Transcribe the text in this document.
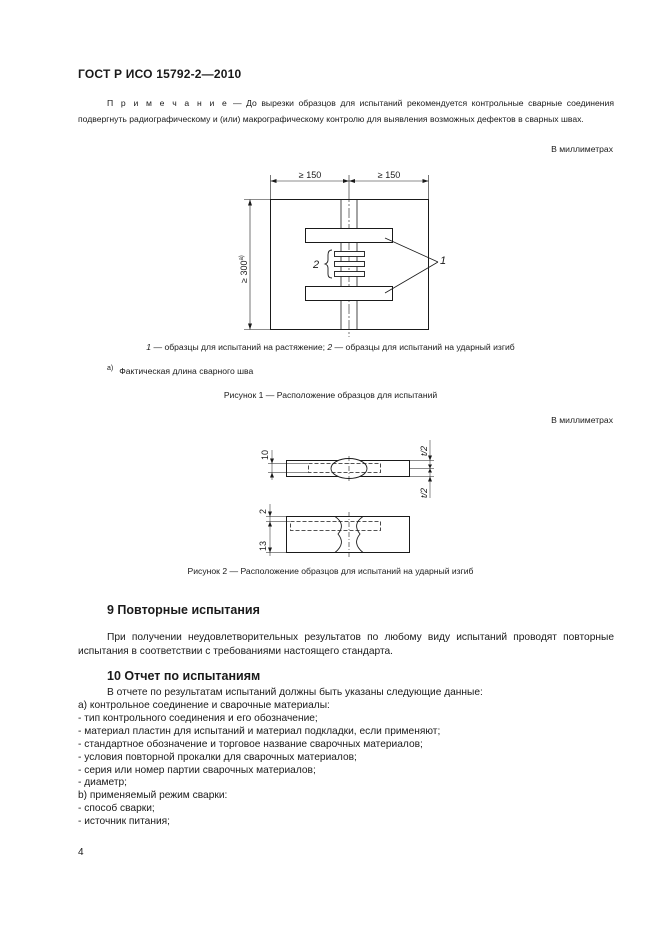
ГОСТ Р ИСО 15792-2—2010
П р и м е ч а н и е — До вырезки образцов для испытаний рекомендуется контрольные сварные соединения подвергнуть радиографическому и (или) макрографическому контролю для выявления возможных дефектов в сварных швах.
В миллиметрах
2	1
≥ 150	≥ 150
≥ $300^{а)}$
1 — образцы для испытаний на растяжение; 2 — образцы для испытаний на ударный изгиб
$^{а)}$ Фактическая длина сварного шва
Рисунок 1 — Расположение образцов для испытаний
В миллиметрах
10	t/2
t/2
2
13
Рисунок 2 — Расположение образцов для испытаний на ударный изгиб
9 Повторные испытания

При получении неудовлетворительных результатов по любому виду испытаний проводят повторные испытания в соответствии с требованиями настоящего стандарта.

10 Отчет по испытаниям

В отчете по результатам испытаний должны быть указаны следующие данные:

а) контрольное соединение и сварочные материалы:
- тип контрольного соединения и его обозначение;
- материал пластин для испытаний и материал подкладки, если применяют;
- стандартное обозначение и торговое название сварочных материалов;
- условия повторной прокалки для сварочных материалов;
- серия или номер партии сварочных материалов;
- диаметр;
b) применяемый режим сварки:
- способ сварки;
- источник питания;
4
